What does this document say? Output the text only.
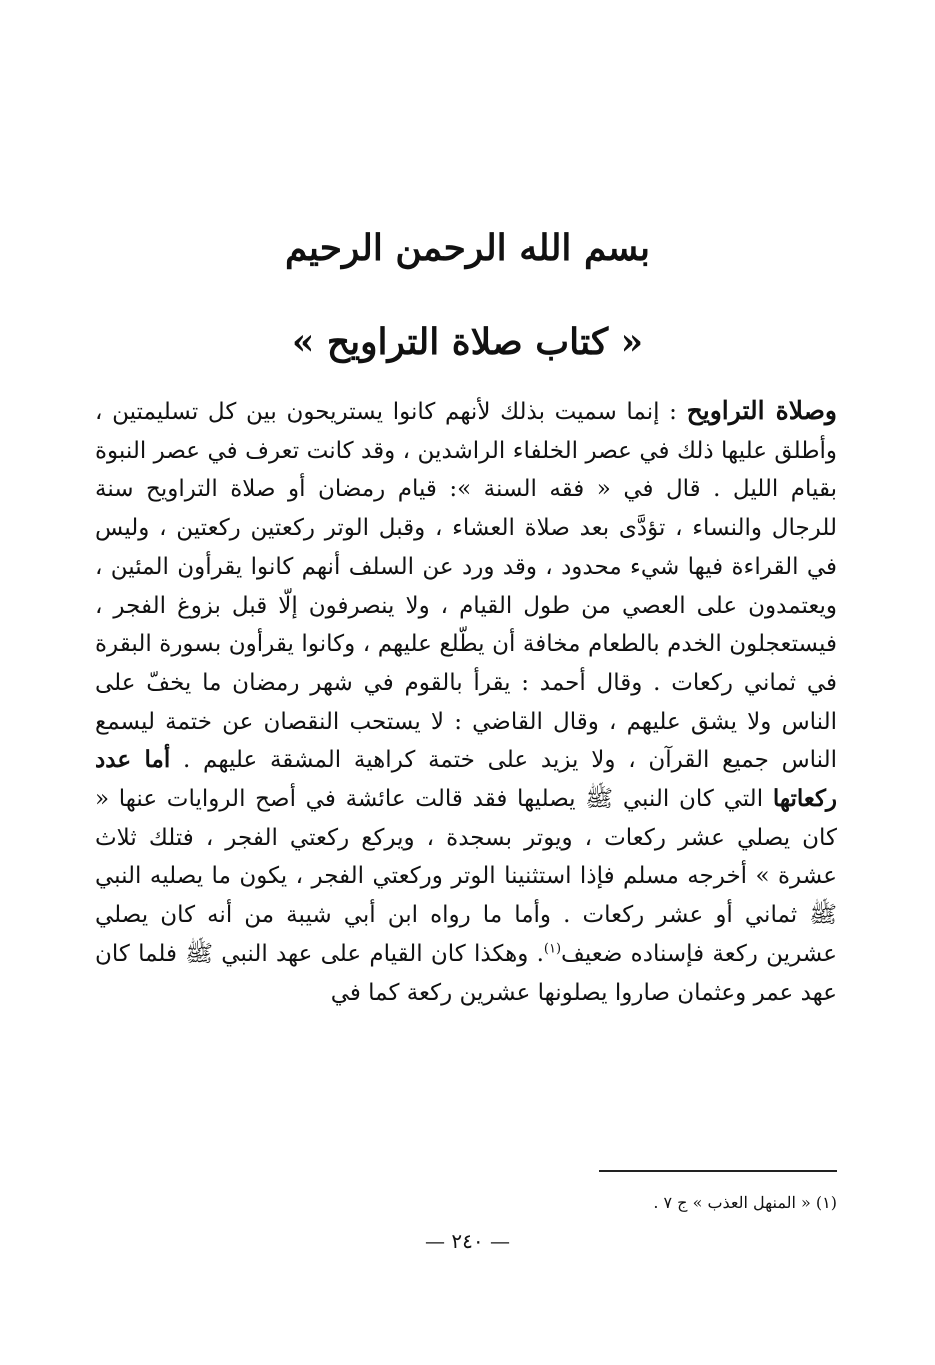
بسم الله الرحمن الرحيم
« كتاب صلاة التراويح »

وصلاة التراويح : إنما سميت بذلك لأنهم كانوا يستريحون بين كل تسليمتين ، وأطلق عليها ذلك في عصر الخلفاء الراشدين ، وقد كانت تعرف في عصر النبوة بقيام الليل . قال في « فقه السنة »: قيام رمضان أو صلاة التراويح سنة للرجال والنساء ، تؤدَّى بعد صلاة العشاء ، وقبل الوتر ركعتين ركعتين ، وليس في القراءة فيها شيء محدود ، وقد ورد عن السلف أنهم كانوا يقرأون المئين ، ويعتمدون على العصي من طول القيام ، ولا ينصرفون إلّا قبل بزوغ الفجر ، فيستعجلون الخدم بالطعام مخافة أن يطّلع عليهم ، وكانوا يقرأون بسورة البقرة في ثماني ركعات . وقال أحمد : يقرأ بالقوم في شهر رمضان ما يخفّ على الناس ولا يشق عليهم ، وقال القاضي : لا يستحب النقصان عن ختمة ليسمع الناس جميع القرآن ، ولا يزيد على ختمة كراهية المشقة عليهم . أما عدد ركعاتها التي كان النبي ﷺ يصليها فقد قالت عائشة في أصح الروايات عنها « كان يصلي عشر ركعات ، ويوتر بسجدة ، ويركع ركعتي الفجر ، فتلك ثلاث عشرة » أخرجه مسلم فإذا استثنينا الوتر وركعتي الفجر ، يكون ما يصليه النبي ﷺ ثماني أو عشر ركعات . وأما ما رواه ابن أبي شيبة من أنه كان يصلي عشرين ركعة فإسناده ضعيف$^{(١)}$. وهكذا كان القيام على عهد النبي ﷺ فلما كان عهد عمر وعثمان صاروا يصلونها عشرين ركعة كما في

(١) « المنهل العذب » ج ٧ .

— ٢٤٠ —
